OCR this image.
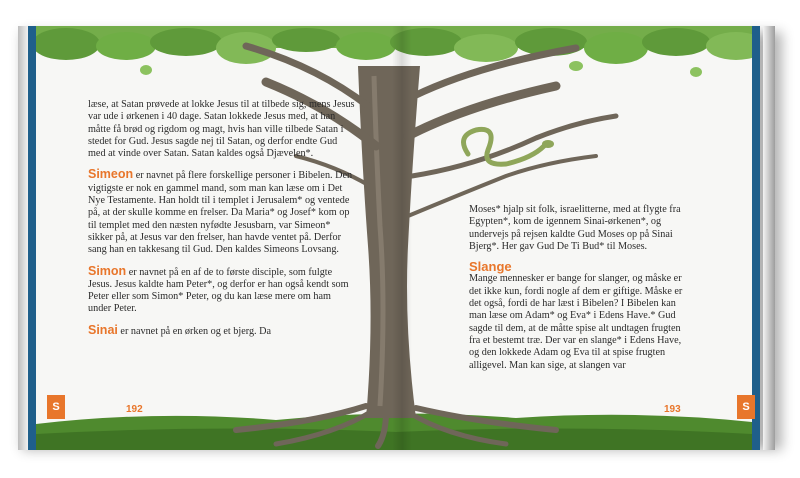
læse, at Satan prøvede at lokke Jesus til at tilbede sig, mens Jesus var ude i ørkenen i 40 dage. Satan lokkede Jesus med, at han måtte få brød og rigdom og magt, hvis han ville tilbede Satan i stedet for Gud. Jesus sagde nej til Satan, og derfor endte Gud med at vinde over Satan. Satan kaldes også Djævelen*.

Simeon er navnet på flere forskellige personer i Bibelen. Den vigtigste er nok en gammel mand, som man kan læse om i Det Nye Testamente. Han holdt til i templet i Jerusalem* og ventede på, at der skulle komme en frelser. Da Maria* og Josef* kom op til templet med den næsten nyfødte Jesusbarn, var Simeon* sikker på, at Jesus var den frelser, han havde ventet på. Derfor sang han en takkesang til Gud. Den kaldes Simeons Lovsang.

Simon er navnet på en af de to første disciple, som fulgte Jesus. Jesus kaldte ham Peter*, og derfor er han også kendt som Peter eller som Simon* Peter, og du kan læse mere om ham under Peter.

Sinai er navnet på en ørken og et bjerg. Da

Moses* hjalp sit folk, israelitterne, med at flygte fra Egypten*, kom de igennem Sinai-ørkenen*, og undervejs på rejsen kaldte Gud Moses op på Sinai Bjerg*. Her gav Gud De Ti Bud* til Moses.

Slange

Mange mennesker er bange for slanger, og måske er det ikke kun, fordi nogle af dem er giftige. Måske er det også, fordi de har læst i Bibelen? I Bibelen kan man læse om Adam* og Eva* i Edens Have.* Gud sagde til dem, at de måtte spise alt undtagen frugten fra et bestemt træ. Der var en slange* i Edens Have, og den lokkede Adam og Eva til at spise frugten alligevel. Man kan sige, at slangen var

S	192	193	S
